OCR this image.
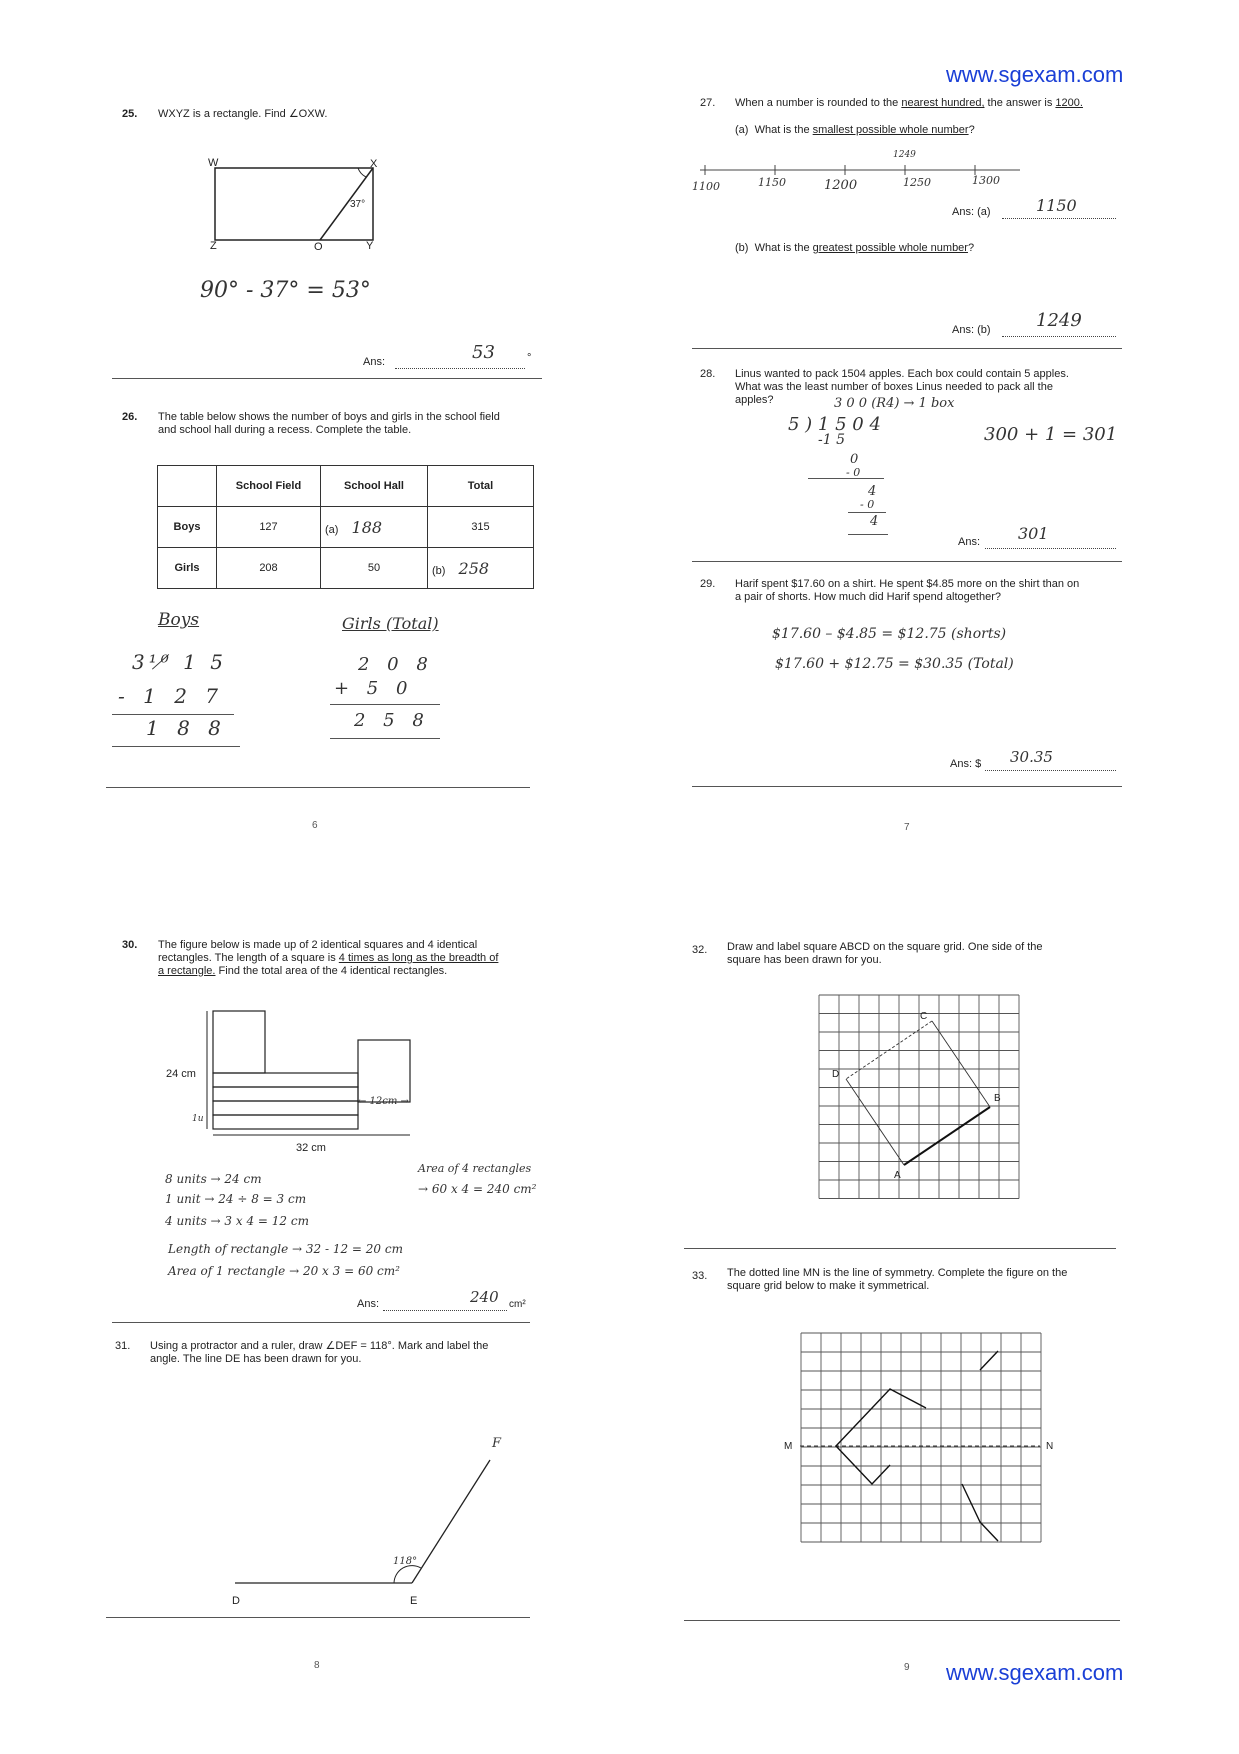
www.sgexam.com
www.sgexam.com
25. WXYZ is a rectangle. Find ∠OXW.
W	X
Z	O	Y
37°
90° - 37° = 53°
Ans:	53	°
26. The table below shows the number of boys and girls in the school field
and school hall during a recess. Complete the table.
	School Field	School Hall	Total
Boys	127	(a) 188	315
Girls	208	50	(b) 258
Boys
3¹⁰̸ 1 5
- 1 2 7
1 8 8
Girls (Total)
2 0 8
+ 5 0
2 5 8
6
27. When a number is rounded to the nearest hundred, the answer is 1200.
(a) What is the smallest possible whole number?
1100	1150	1200	1250	1300
1249
Ans: (a)	1150
(b) What is the greatest possible whole number?
Ans: (b)	1249
28. Linus wanted to pack 1504 apples. Each box could contain 5 apples.
What was the least number of boxes Linus needed to pack all the
apples?	3 0 0 (R4) → 1 box
5 ) 1 5 0 4
-1 5
0
- 0
4
- 0
4
300 + 1 = 301
Ans: 301
29. Harif spent $17.60 on a shirt. He spent $4.85 more on the shirt than on
a pair of shorts. How much did Harif spend altogether?
$17.60 – $4.85 = $12.75 (shorts)
$17.60 + $12.75 = $30.35 (Total)
Ans: $ 30.35
7
30. The figure below is made up of 2 identical squares and 4 identical
rectangles. The length of a square is 4 times as long as the breadth of
a rectangle. Find the total area of the 4 identical rectangles.
24 cm
1u
← 12cm →
32 cm
8 units → 24 cm
1 unit → 24 ÷ 8 = 3 cm
4 units → 3 x 4 = 12 cm
Length of rectangle → 32 - 12 = 20 cm
Area of 1 rectangle → 20 x 3 = 60 cm²
Area of 4 rectangles
→ 60 x 4 = 240 cm²
Ans:	240 cm²
31. Using a protractor and a ruler, draw ∠DEF = 118°. Mark and label the
angle. The line DE has been drawn for you.
D	E
F
118°
8
32. Draw and label square ABCD on the square grid. One side of the
square has been drawn for you.
A
B
C
D
33. The dotted line MN is the line of symmetry. Complete the figure on the
square grid below to make it symmetrical.
M	N
9
